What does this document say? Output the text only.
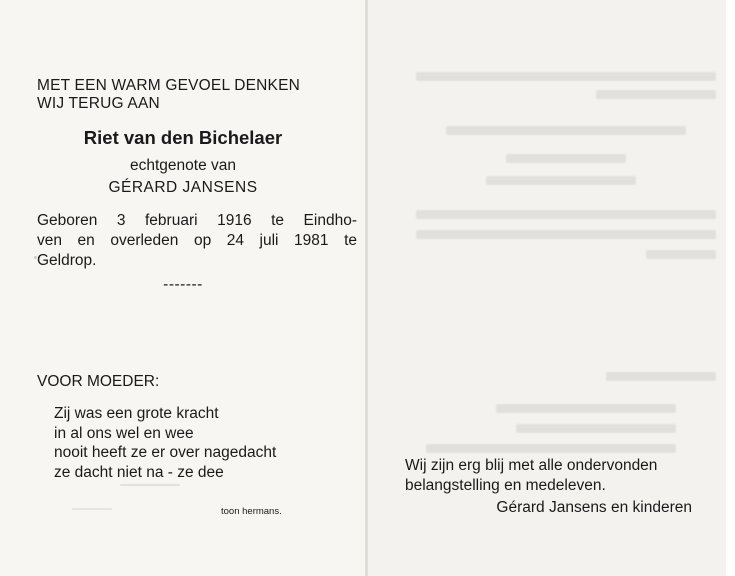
MET EEN WARM GEVOEL DENKEN
WIJ TERUG AAN
Riet van den Bichelaer
echtgenote van
GÉRARD JANSENS
Geboren 3 februari 1916 te Eindho-
ven en overleden op 24 juli 1981 te
Geldrop.
-------
VOOR MOEDER:
Zij was een grote kracht
in al ons wel en wee
nooit heeft ze er over nagedacht
ze dacht niet na - ze dee
toon hermans.
Wij zijn erg blij met alle ondervonden
belangstelling en medeleven.
Gérard Jansens en kinderen
